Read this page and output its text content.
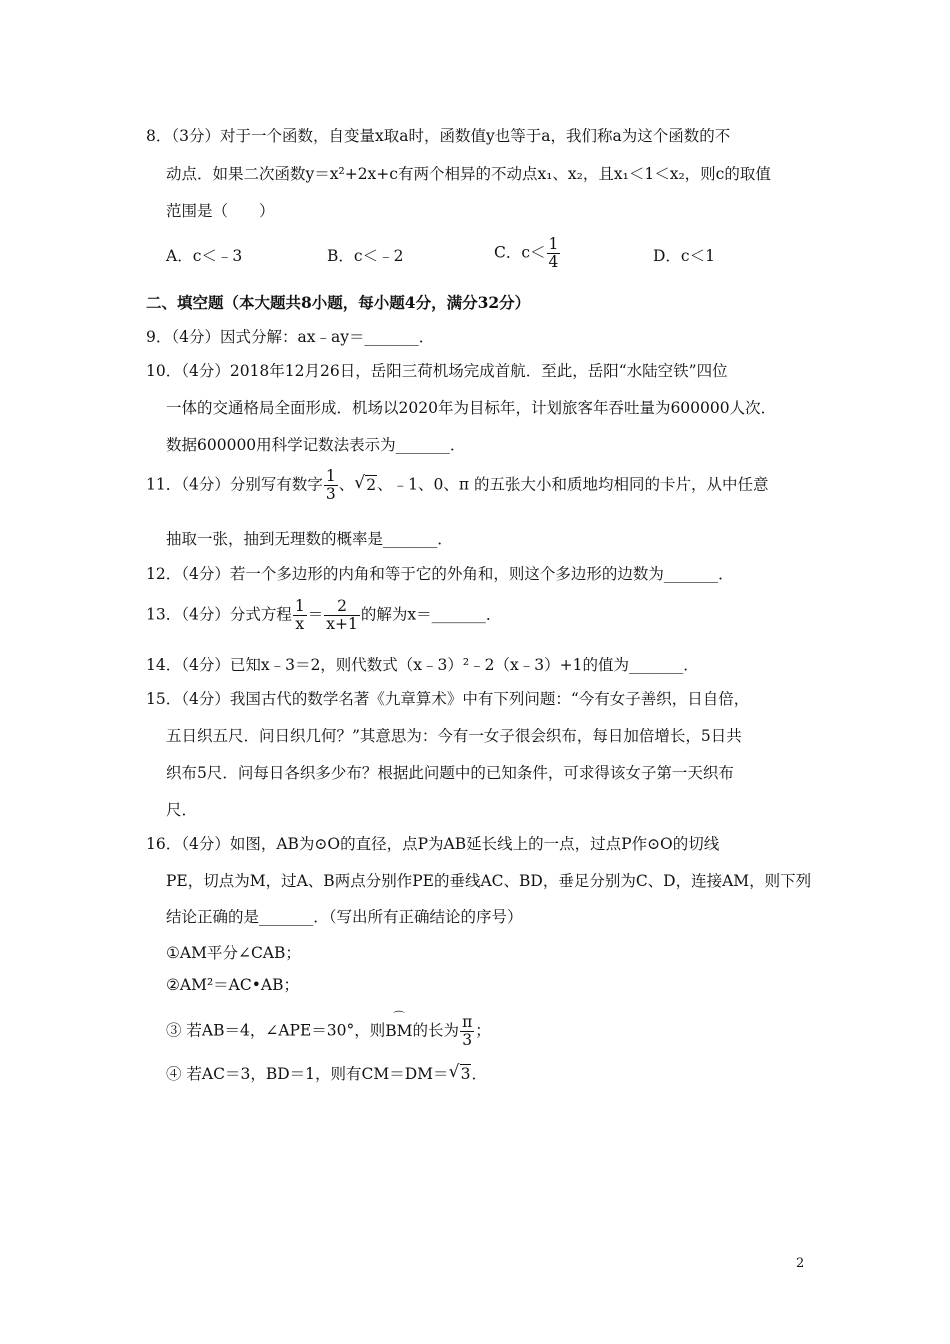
8．（3分）对于一个函数，自变量x取a时，函数值y也等于a，我们称a为这个函数的不
动点．如果二次函数y＝x²+2x+c有两个相异的不动点x₁、x₂，且x₁＜1＜x₂，则c的取值
范围是（　　）
A．c＜﹣3	B．c＜﹣2	C．$c< \frac{1}{4}$	D．c＜1
二、填空题（本大题共8小题，每小题4分，满分32分）
9．（4分）因式分解：ax﹣ay＝_______．
10．（4分）2018年12月26日，岳阳三荷机场完成首航．至此，岳阳“水陆空铁”四位
一体的交通格局全面形成．机场以2020年为目标年，计划旅客年吞吐量为600000人次．
数据600000用科学记数法表示为_______．
11．（4分）分别写有数字 $\frac{1}{3}$ 、 √ 2、﹣1、0、π 的五张大小和质地均相同的卡片，从中任意
抽取一张，抽到无理数的概率是_______．
12．（4分）若一个多边形的内角和等于它的外角和，则这个多边形的边数为_______．
13．（4分）分式方程 $\frac{1}{x} = \frac{2}{x+1}$ 的解为x＝_______．
14．（4分）已知x﹣3＝2，则代数式（x﹣3）²﹣2（x﹣3）+1的值为_______．
15．（4分）我国古代的数学名著《九章算术》中有下列问题：“今有女子善织，日自倍，
五日织五尺．问日织几何？”其意思为：今有一女子很会织布，每日加倍增长，5日共
织布5尺．问每日各织多少布？根据此问题中的已知条件，可求得该女子第一天织布
尺．
16．（4分）如图，AB为⊙O的直径，点P为AB延长线上的一点，过点P作⊙O的切线
PE，切点为M，过A、B两点分别作PE的垂线AC、BD，垂足分别为C、D，连接AM，则下列
结论正确的是_______．（写出所有正确结论的序号）
①AM平分∠CAB；
②AM²＝AC•AB；
③ 若AB＝4，∠APE＝30°，则
⌒
BM的长为 $\frac{\pi}{3}$ ；
④ 若AC＝3，BD＝1，则有CM＝DM＝ √ 3．
2
